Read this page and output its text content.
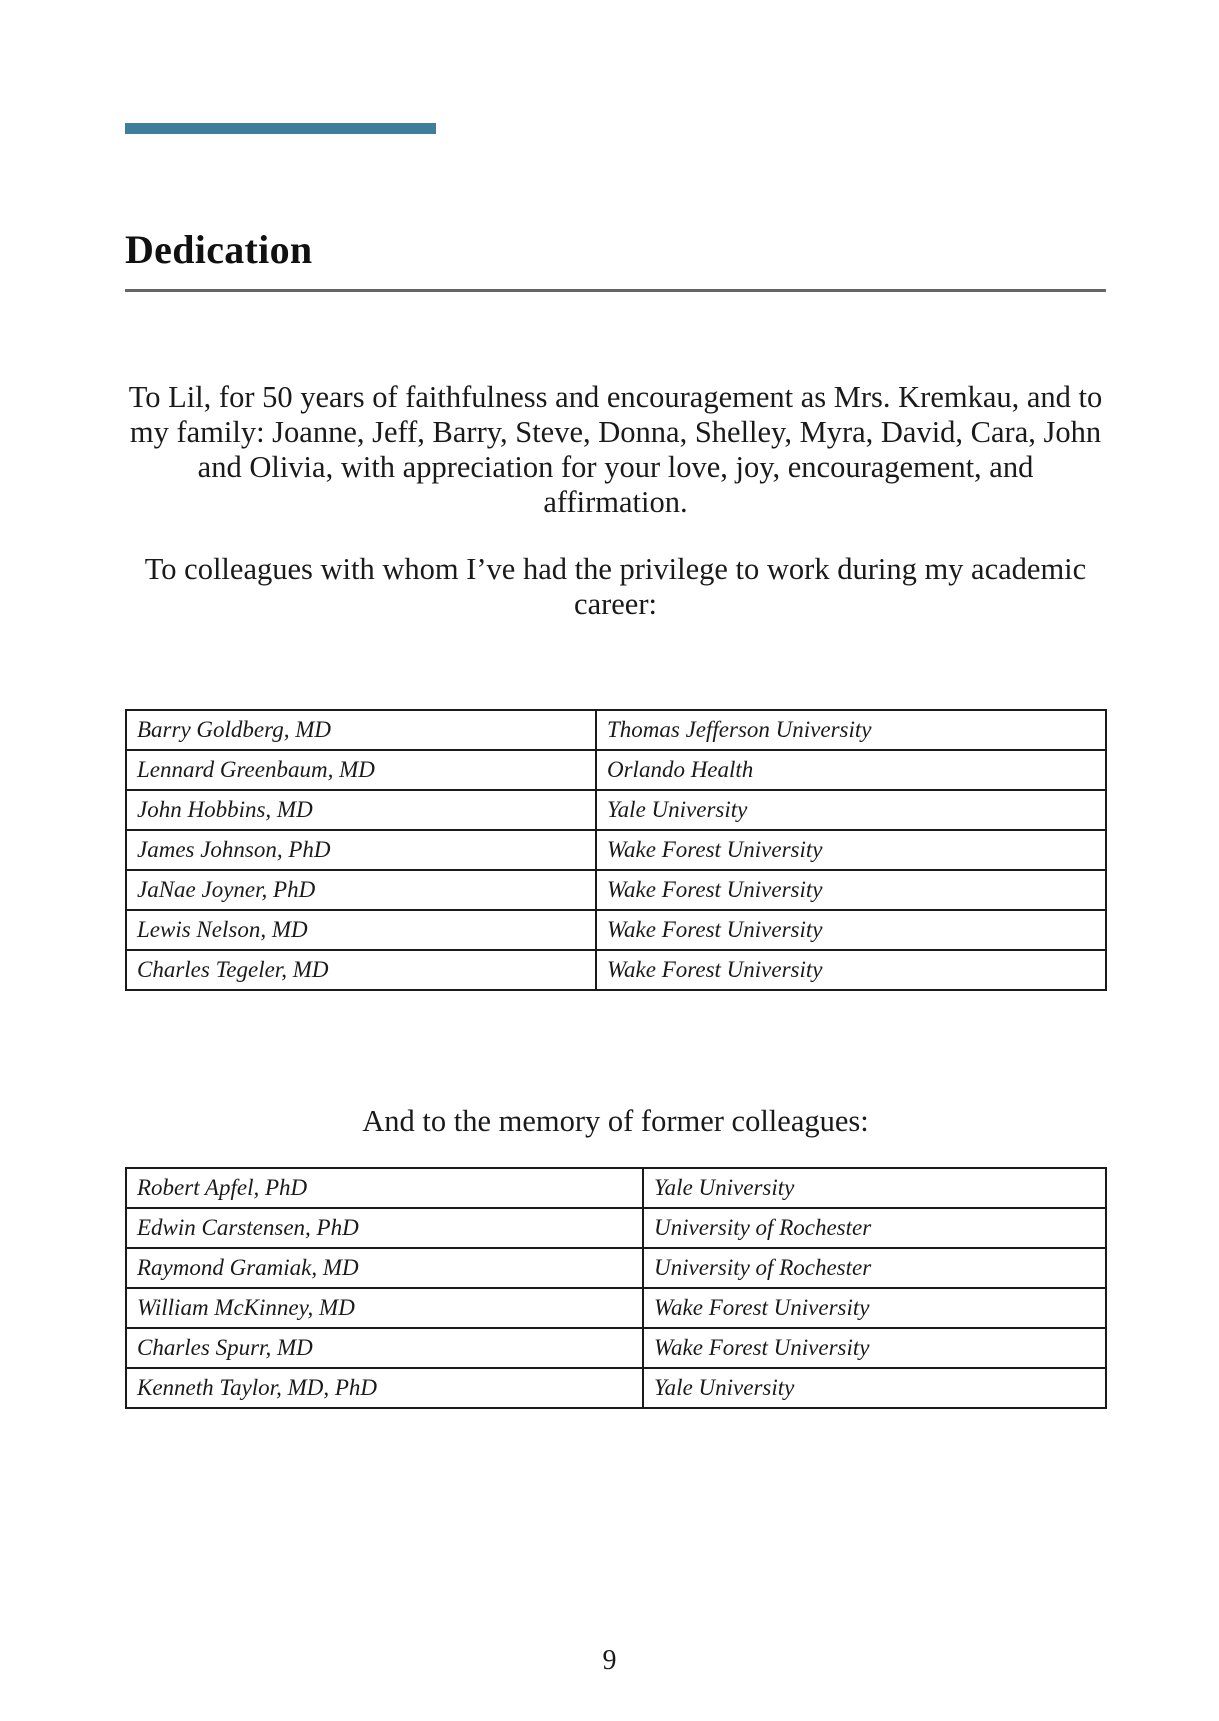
Dedication

To Lil, for 50 years of faithfulness and encouragement as Mrs. Kremkau, and to my family: Joanne, Jeff, Barry, Steve, Donna, Shelley, Myra, David, Cara, John and Olivia, with appreciation for your love, joy, encouragement, and affirmation.

To colleagues with whom I’ve had the privilege to work during my academic career:

Barry Goldberg, MD	Thomas Jefferson University
Lennard Greenbaum, MD	Orlando Health
John Hobbins, MD	Yale University
James Johnson, PhD	Wake Forest University
JaNae Joyner, PhD	Wake Forest University
Lewis Nelson, MD	Wake Forest University
Charles Tegeler, MD	Wake Forest University

And to the memory of former colleagues:

Robert Apfel, PhD	Yale University
Edwin Carstensen, PhD	University of Rochester
Raymond Gramiak, MD	University of Rochester
William McKinney, MD	Wake Forest University
Charles Spurr, MD	Wake Forest University
Kenneth Taylor, MD, PhD	Yale University
9
